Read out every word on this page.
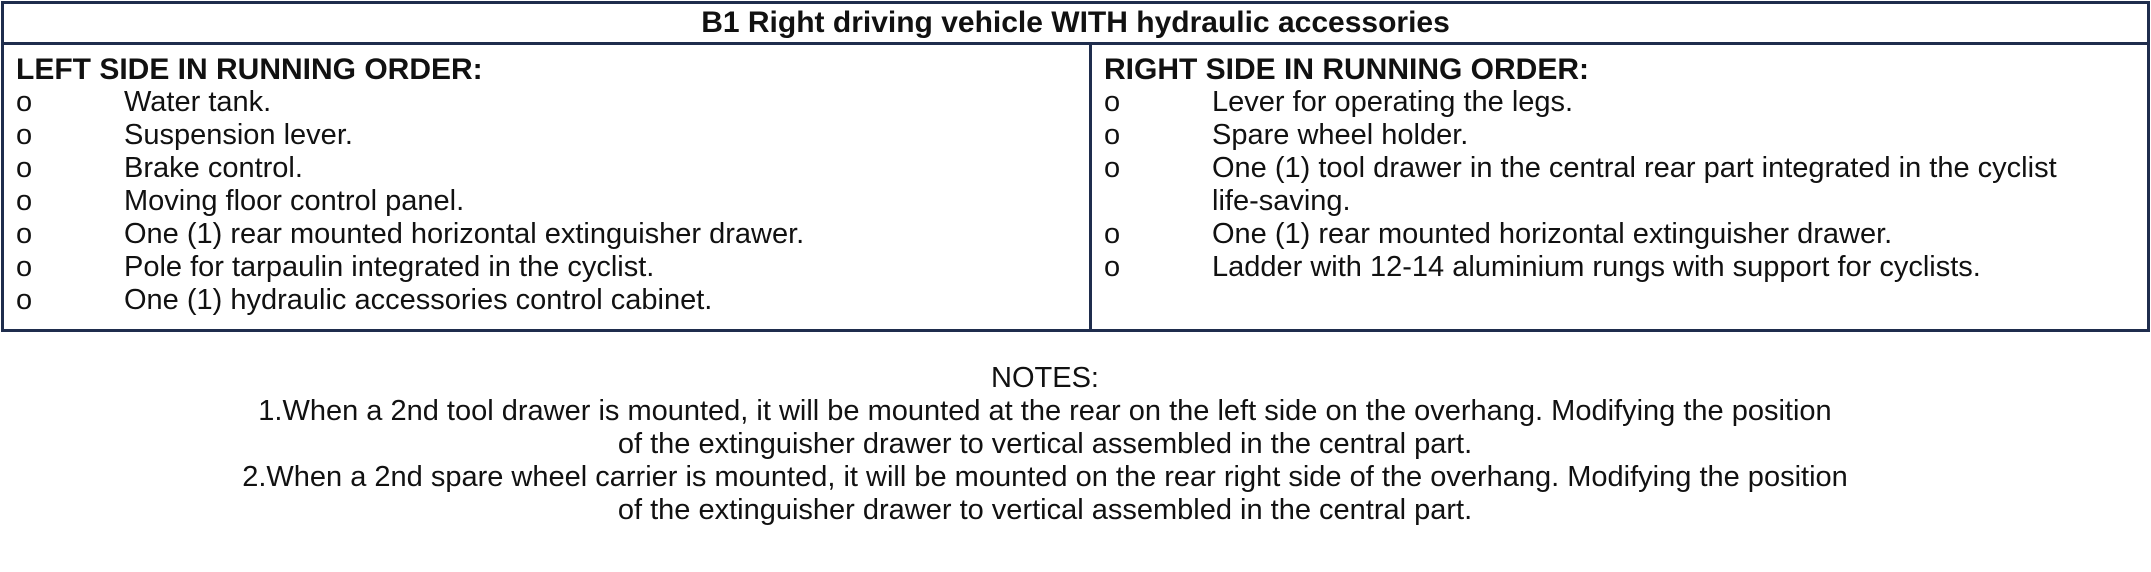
B1 Right driving vehicle WITH hydraulic accessories
LEFT SIDE IN RUNNING ORDER:
o	Water tank.
o	Suspension lever.
o	Brake control.
o	Moving floor control panel.
o	One (1) rear mounted horizontal extinguisher drawer.
o	Pole for tarpaulin integrated in the cyclist.
o	One (1) hydraulic accessories control cabinet.
RIGHT SIDE IN RUNNING ORDER:
o	Lever for operating the legs.
o	Spare wheel holder.
o	One (1) tool drawer in the central rear part integrated in the cyclist life-saving.
o	One (1) rear mounted horizontal extinguisher drawer.
o	Ladder with 12-14 aluminium rungs with support for cyclists.
NOTES:
1.When a 2nd tool drawer is mounted, it will be mounted at the rear on the left side on the overhang. Modifying the position
of the extinguisher drawer to vertical assembled in the central part.
2.When a 2nd spare wheel carrier is mounted, it will be mounted on the rear right side of the overhang. Modifying the position
of the extinguisher drawer to vertical assembled in the central part.
